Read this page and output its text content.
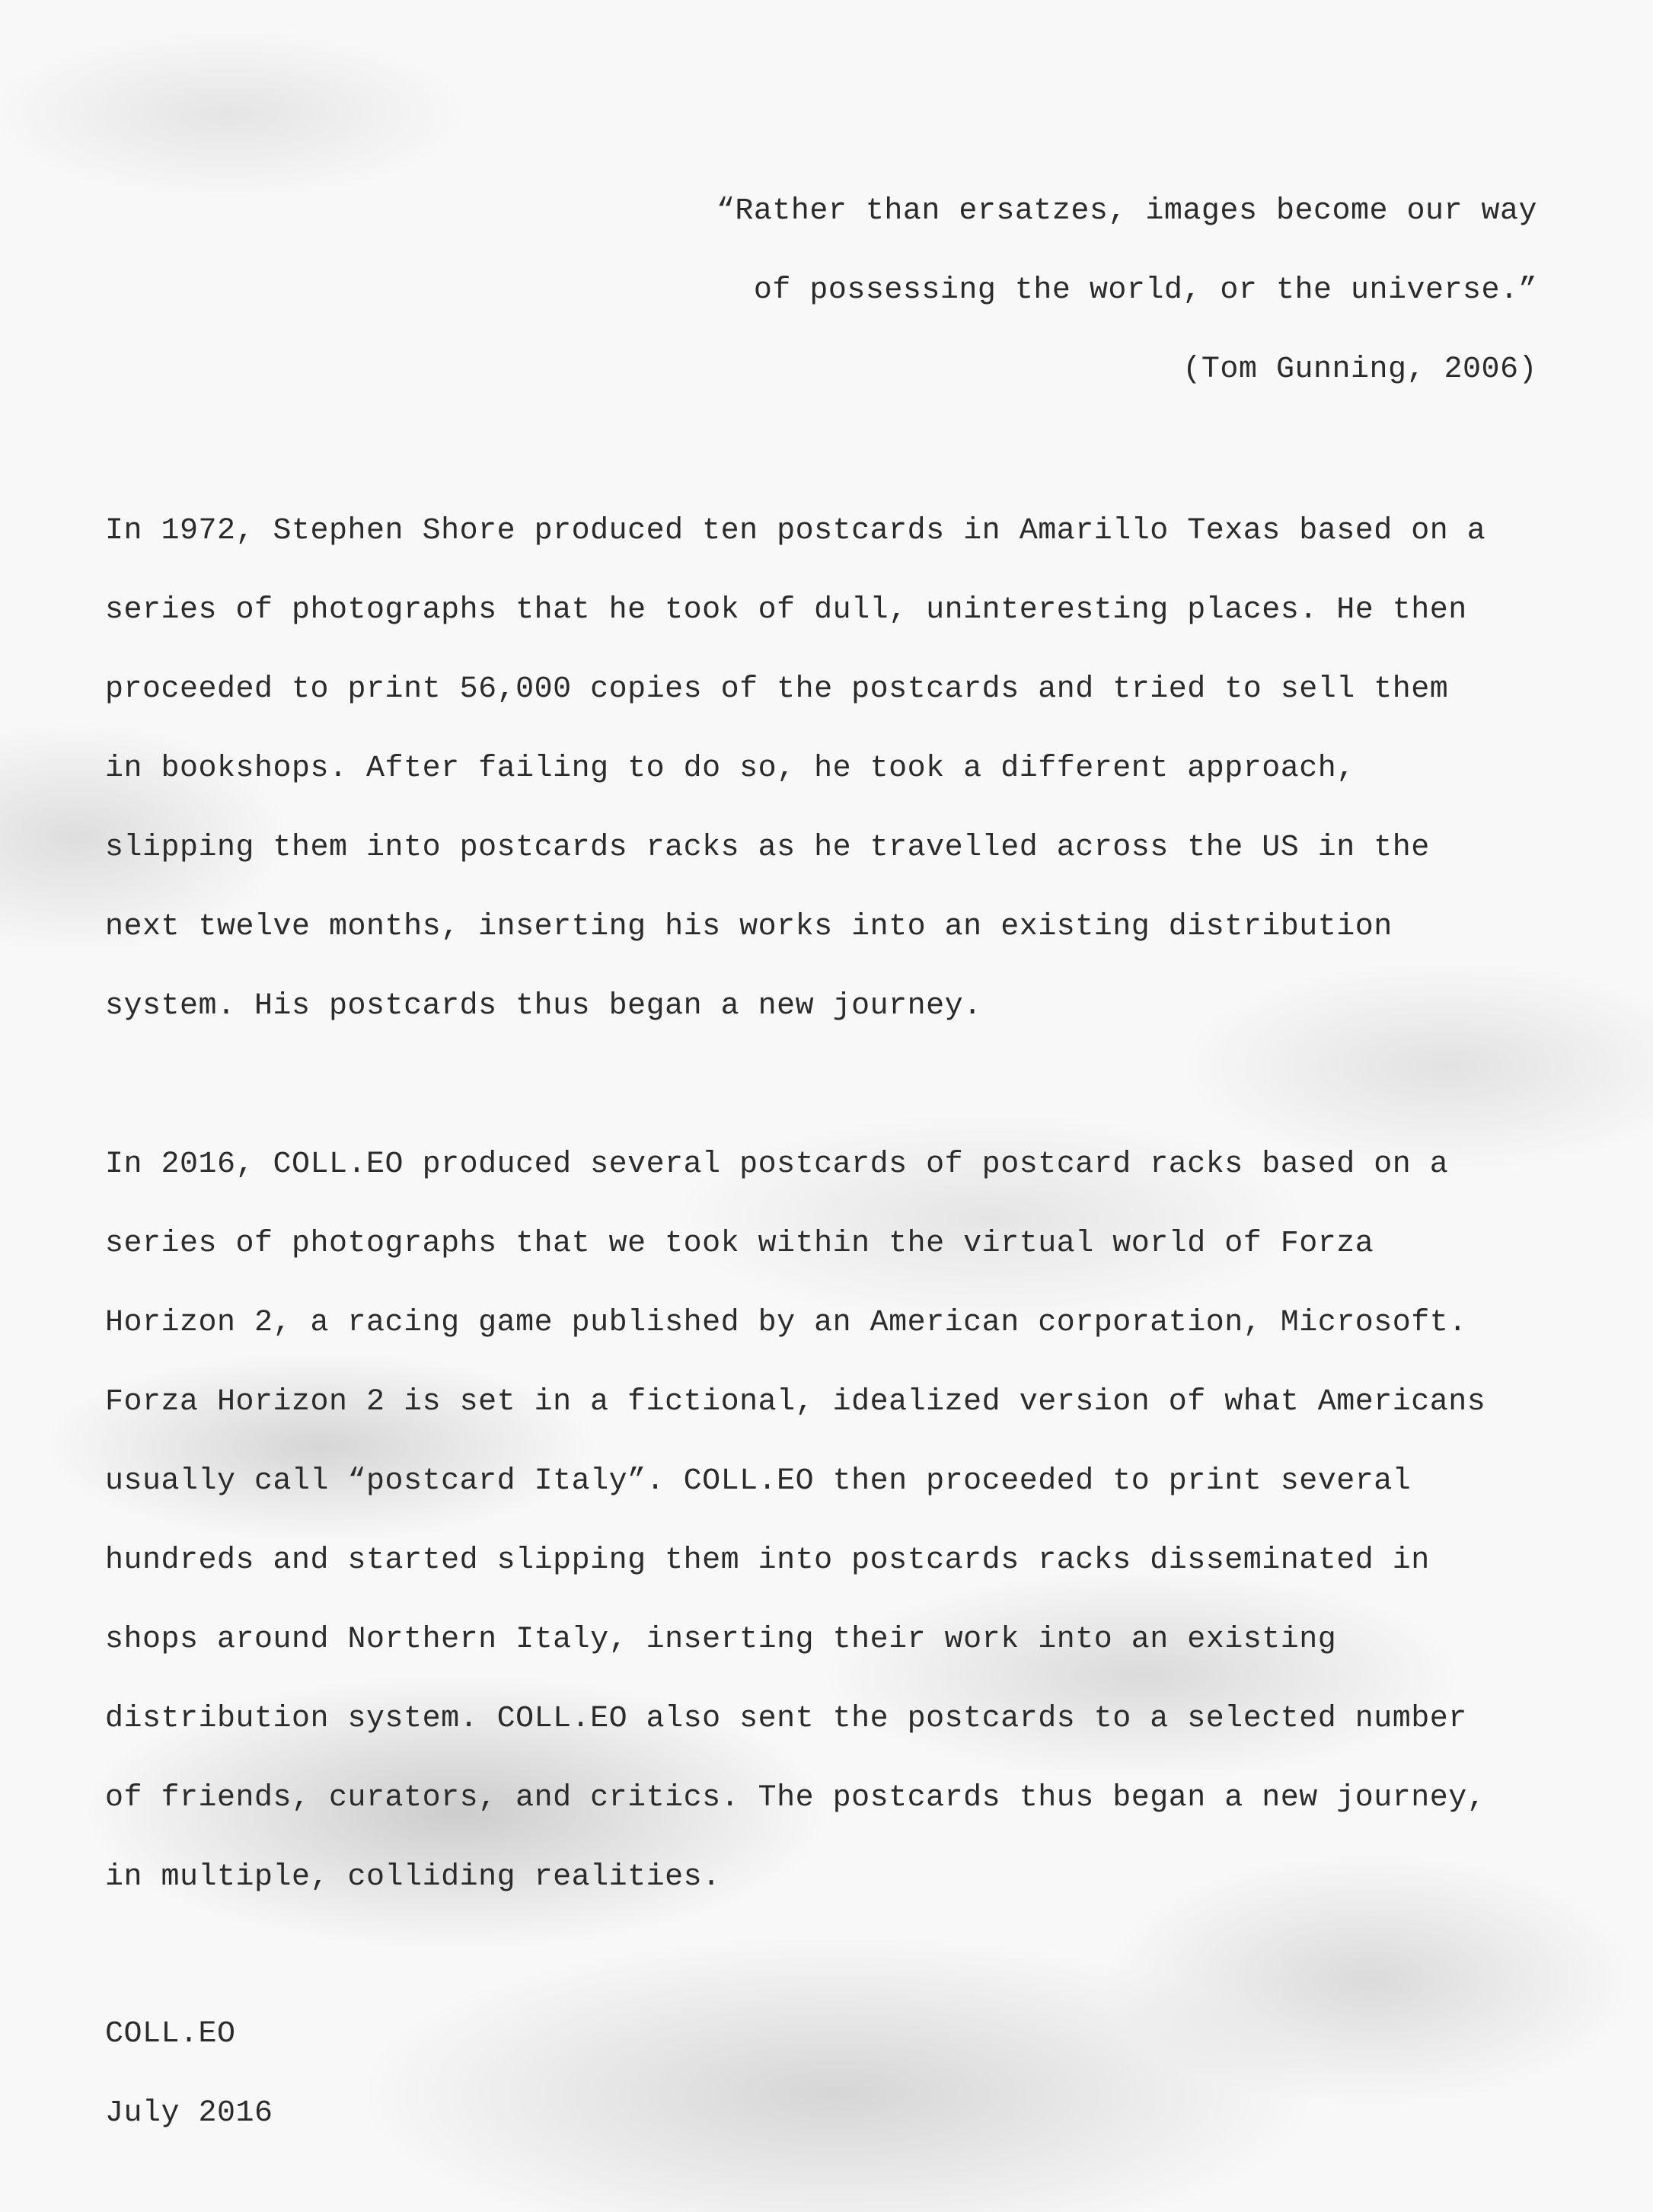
“Rather than ersatzes, images become our way
of possessing the world, or the universe.”
(Tom Gunning, 2006)
In 1972, Stephen Shore produced ten postcards in Amarillo Texas based on a
series of photographs that he took of dull, uninteresting places. He then
proceeded to print 56,000 copies of the postcards and tried to sell them
in bookshops. After failing to do so, he took a different approach,
slipping them into postcards racks as he travelled across the US in the
next twelve months, inserting his works into an existing distribution
system. His postcards thus began a new journey.
In 2016, COLL.EO produced several postcards of postcard racks based on a
series of photographs that we took within the virtual world of Forza
Horizon 2, a racing game published by an American corporation, Microsoft.
Forza Horizon 2 is set in a fictional, idealized version of what Americans
usually call “postcard Italy”. COLL.EO then proceeded to print several
hundreds and started slipping them into postcards racks disseminated in
shops around Northern Italy, inserting their work into an existing
distribution system. COLL.EO also sent the postcards to a selected number
of friends, curators, and critics. The postcards thus began a new journey,
in multiple, colliding realities.
COLL.EO
July 2016
